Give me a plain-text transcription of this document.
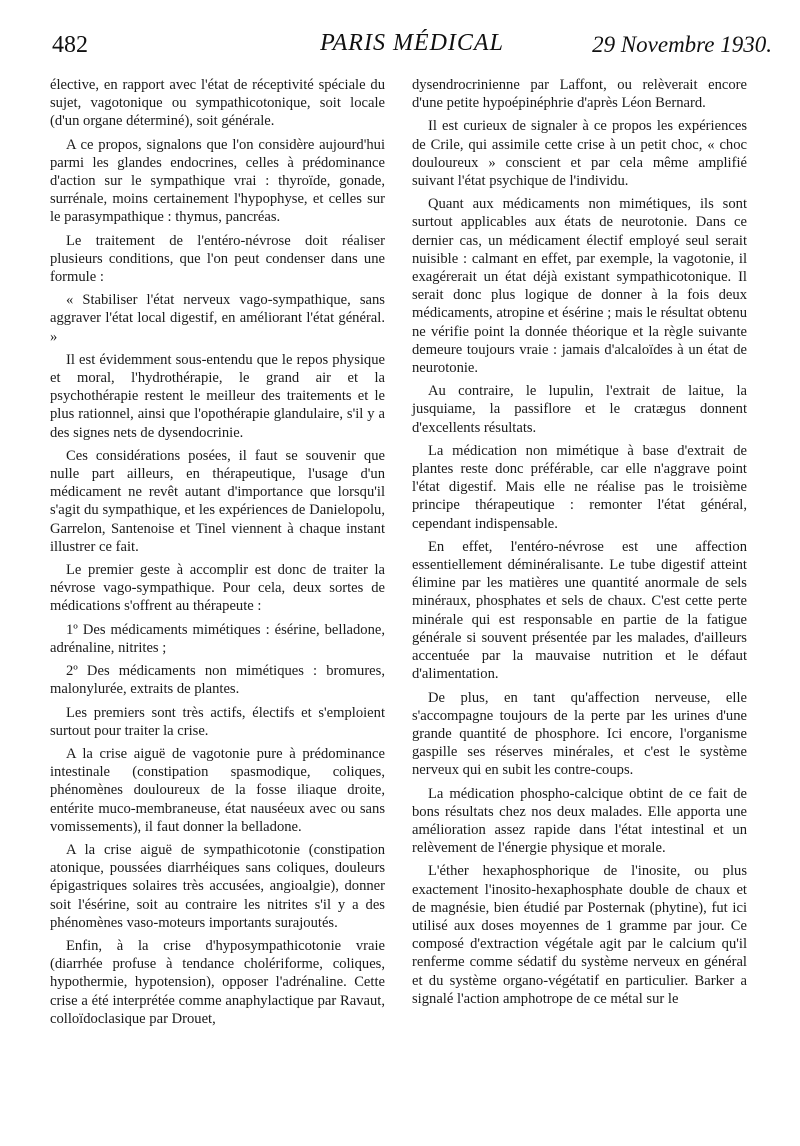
482	PARIS MÉDICAL	29 Novembre 1930.

élective, en rapport avec l'état de réceptivité spéciale du sujet, vagotonique ou sympathicotonique, soit locale (d'un organe déterminé), soit générale.

A ce propos, signalons que l'on considère aujourd'hui parmi les glandes endocrines, celles à prédominance d'action sur le sympathique vrai : thyroïde, gonade, surrénale, moins certainement l'hypophyse, et celles sur le parasympathique : thymus, pancréas.

Le traitement de l'entéro-névrose doit réaliser plusieurs conditions, que l'on peut condenser dans une formule :

« Stabiliser l'état nerveux vago-sympathique, sans aggraver l'état local digestif, en améliorant l'état général. »

Il est évidemment sous-entendu que le repos physique et moral, l'hydrothérapie, le grand air et la psychothérapie restent le meilleur des traitements et le plus rationnel, ainsi que l'opothérapie glandulaire, s'il y a des signes nets de dysendocrinie.

Ces considérations posées, il faut se souvenir que nulle part ailleurs, en thérapeutique, l'usage d'un médicament ne revêt autant d'importance que lorsqu'il s'agit du sympathique, et les expériences de Danielopolu, Garrelon, Santenoise et Tinel viennent à chaque instant illustrer ce fait.

Le premier geste à accomplir est donc de traiter la névrose vago-sympathique. Pour cela, deux sortes de médications s'offrent au thérapeute :

1º Des médicaments mimétiques : ésérine, belladone, adrénaline, nitrites ;

2º Des médicaments non mimétiques : bromures, malonylurée, extraits de plantes.

Les premiers sont très actifs, électifs et s'emploient surtout pour traiter la crise.

A la crise aiguë de vagotonie pure à prédominance intestinale (constipation spasmodique, coliques, phénomènes douloureux de la fosse iliaque droite, entérite muco-membraneuse, état nauséeux avec ou sans vomissements), il faut donner la belladone.

A la crise aiguë de sympathicotonie (constipation atonique, poussées diarrhéiques sans coliques, douleurs épigastriques solaires très accusées, angioalgie), donner soit l'ésérine, soit au contraire les nitrites s'il y a des phénomènes vaso-moteurs importants surajoutés.

Enfin, à la crise d'hyposympathicotonie vraie (diarrhée profuse à tendance cholériforme, coliques, hypothermie, hypotension), opposer l'adrénaline. Cette crise a été interprétée comme anaphylactique par Ravaut, colloïdoclasique par Drouet,

dysendrocrinienne par Laffont, ou relèverait encore d'une petite hypoépinéphrie d'après Léon Bernard.

Il est curieux de signaler à ce propos les expériences de Crile, qui assimile cette crise à un petit choc, « choc douloureux » conscient et par cela même amplifié suivant l'état psychique de l'individu.

Quant aux médicaments non mimétiques, ils sont surtout applicables aux états de neurotonie. Dans ce dernier cas, un médicament électif employé seul serait nuisible : calmant en effet, par exemple, la vagotonie, il exagérerait un état déjà existant sympathicotonique. Il serait donc plus logique de donner à la fois deux médicaments, atropine et ésérine ; mais le résultat obtenu ne vérifie point la donnée théorique et la règle suivante demeure toujours vraie : jamais d'alcaloïdes à un état de neurotonie.

Au contraire, le lupulin, l'extrait de laitue, la jusquiame, la passiflore et le cratægus donnent d'excellents résultats.

La médication non mimétique à base d'extrait de plantes reste donc préférable, car elle n'aggrave point l'état digestif. Mais elle ne réalise pas le troisième principe thérapeutique : remonter l'état général, cependant indispensable.

En effet, l'entéro-névrose est une affection essentiellement déminéralisante. Le tube digestif atteint élimine par les matières une quantité anormale de sels minéraux, phosphates et sels de chaux. C'est cette perte minérale qui est responsable en partie de la fatigue générale si souvent présentée par les malades, d'ailleurs accentuée par la mauvaise nutrition et le défaut d'alimentation.

De plus, en tant qu'affection nerveuse, elle s'accompagne toujours de la perte par les urines d'une grande quantité de phosphore. Ici encore, l'organisme gaspille ses réserves minérales, et c'est le système nerveux qui en subit les contre-coups.

La médication phospho-calcique obtint de ce fait de bons résultats chez nos deux malades. Elle apporta une amélioration assez rapide dans l'état intestinal et un relèvement de l'énergie physique et morale.

L'éther hexaphosphorique de l'inosite, ou plus exactement l'inosito-hexaphosphate double de chaux et de magnésie, bien étudié par Posternak (phytine), fut ici utilisé aux doses moyennes de 1 gramme par jour. Ce composé d'extraction végétale agit par le calcium qu'il renferme comme sédatif du système nerveux en général et du système organo-végétatif en particulier. Barker a signalé l'action amphotrope de ce métal sur le
